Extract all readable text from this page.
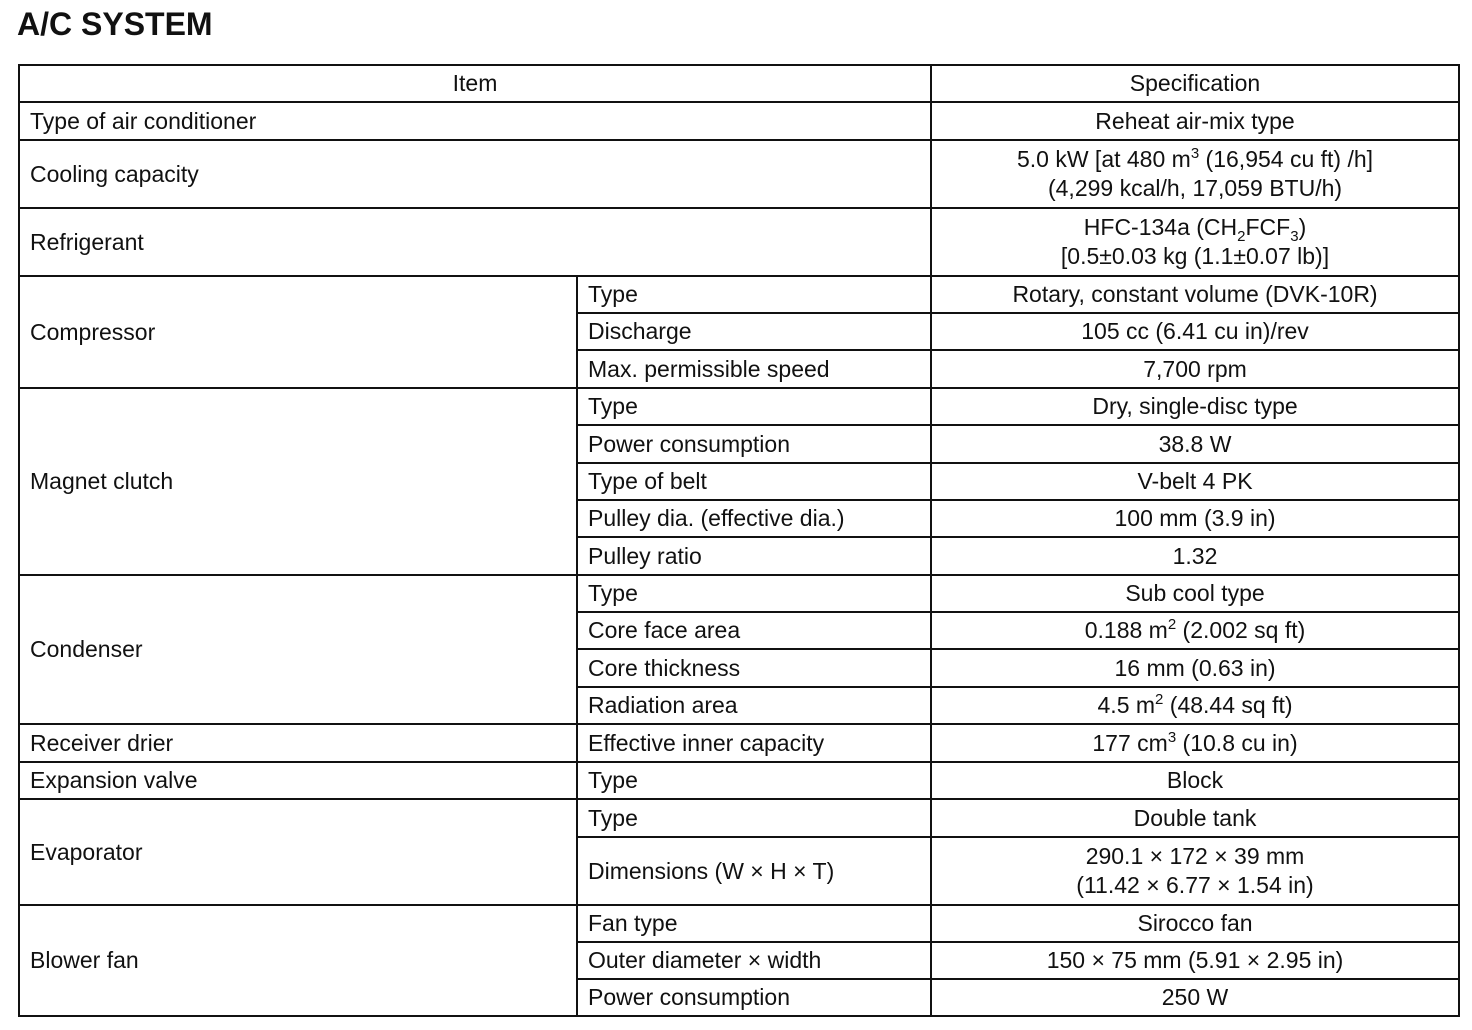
A/C SYSTEM
Item		Specification
Type of air conditioner		Reheat air-mix type
Cooling capacity		5.0 kW [at 480 $m^3$ (16,954 cu ft) /h]
(4,299 kcal/h, 17,059 BTU/h)

Refrigerant		HFC-134a $(CH_2FCF_3)$
[0.5±0.03 kg (1.1±0.07 lb)]

Compressor	Type	Rotary, constant volume (DVK-10R)
	Discharge	105 cc (6.41 cu in)/rev
	Max. permissible speed	7,700 rpm
Magnet clutch	Type	Dry, single-disc type
	Power consumption	38.8 W
	Type of belt	V-belt 4 PK
	Pulley dia. (effective dia.)	100 mm (3.9 in)
	Pulley ratio	1.32
Condenser	Type	Sub cool type
	Core face area	0.188 $m^2$ (2.002 sq ft)
	Core thickness	16 mm (0.63 in)
	Radiation area	4.5 $m^2$ (48.44 sq ft)
Receiver drier	Effective inner capacity	177 $cm^3$ (10.8 cu in)
Expansion valve	Type	Block
Evaporator	Type	Double tank
	Dimensions (W × H × T)	290.1 × 172 × 39 mm
(11.42 × 6.77 × 1.54 in)

Blower fan	Fan type	Sirocco fan
	Outer diameter × width	150 × 75 mm (5.91 × 2.95 in)
	Power consumption	250 W
